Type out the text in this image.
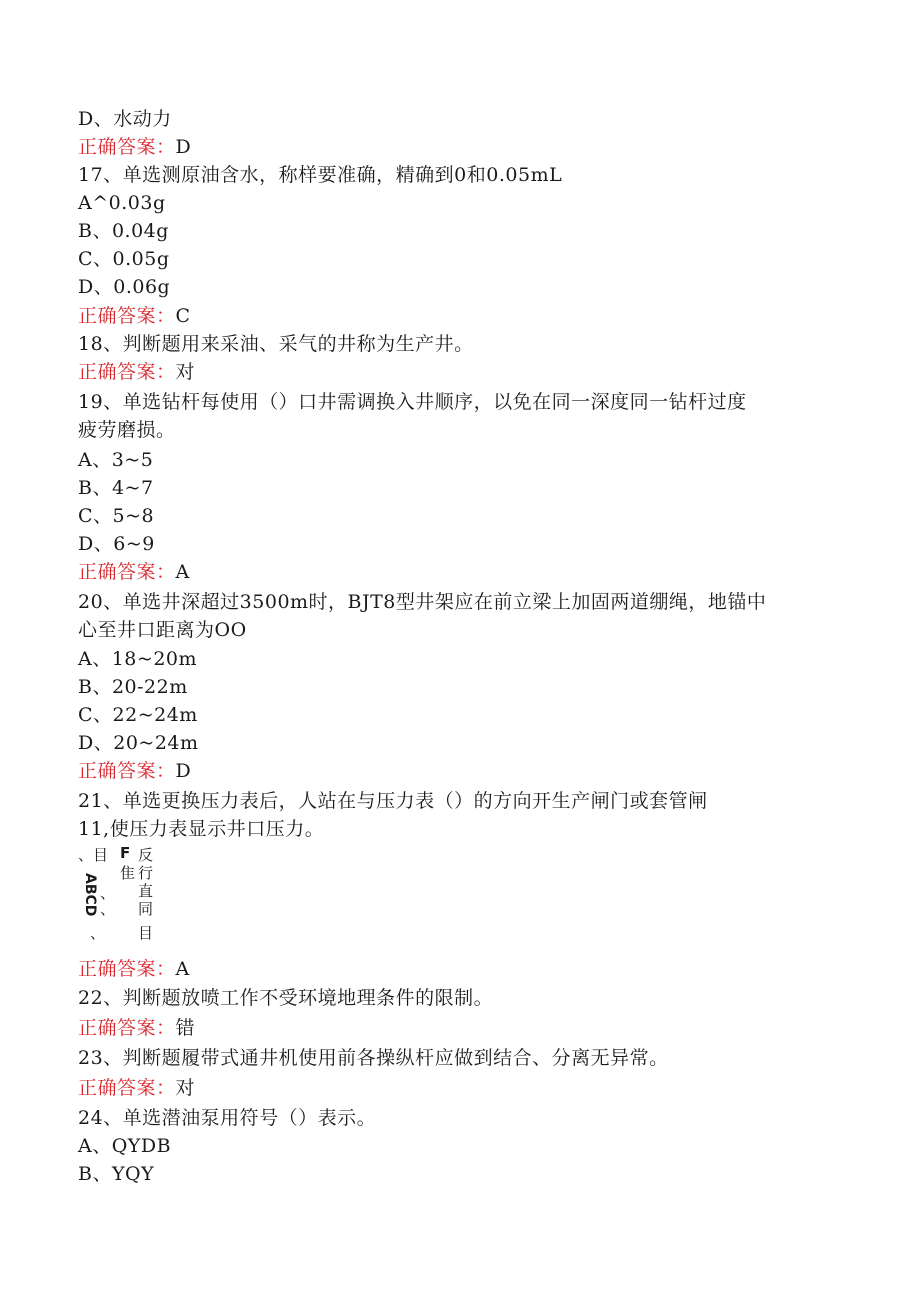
D、水动力
正确答案：D
17、单选测原油含水，称样要准确，精确到0和0.05mL
A^0.03g
B、0.04g
C、0.05g
D、0.06g
正确答案：C
18、判断题用来采油、采气的井称为生产井。
正确答案：对
19、单选钻杆每使用（）口井需调换入井顺序，以免在同一深度同一钻杆过度
疲劳磨损。
A、3~5
B、4~7
C、5~8
D、6~9
正确答案：A
20、单选井深超过3500m时，BJT8型井架应在前立梁上加固两道绷绳，地锚中
心至井口距离为OO
A、18~20m
B、20-22m
C、22~24m
D、20~24m
正确答案：D
21、单选更换压力表后，人站在与压力表（）的方向开生产闸门或套管闸
11,使压力表显示井口压力。
、目 F 反
隹 行
直
、
、 同
、 目
ABCD
正确答案：A
22、判断题放喷工作不受环境地理条件的限制。
正确答案：错
23、判断题履带式通井机使用前各操纵杆应做到结合、分离无异常。
正确答案：对
24、单选潜油泵用符号（）表示。
A、QYDB
B、YQY
